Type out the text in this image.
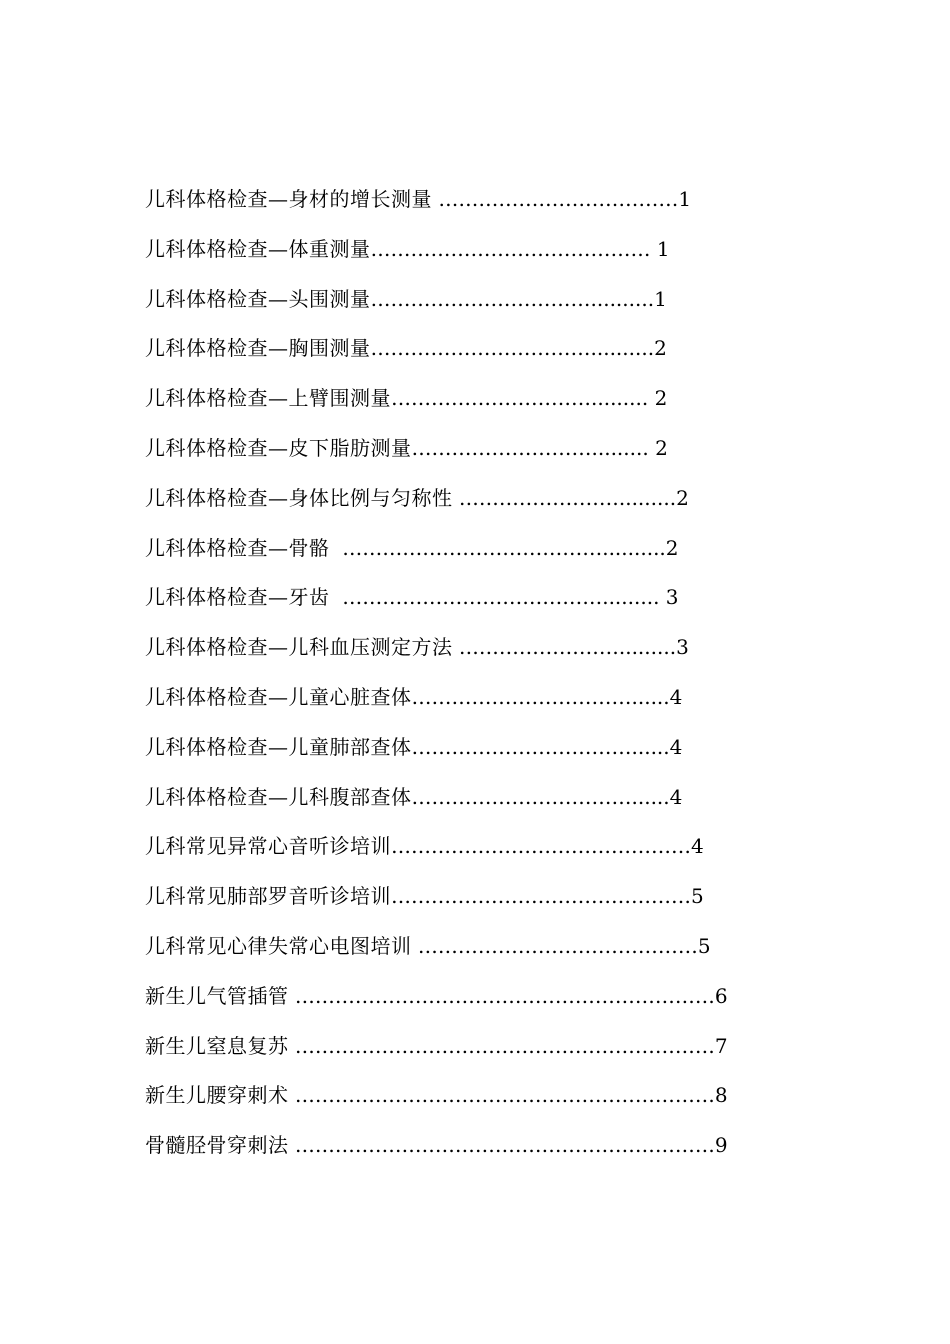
儿科体格检查—身材的增长测量 ………………………………1
儿科体格检查—体重测量…………………………………… 1
儿科体格检查—头围测量……………………………..........1
儿科体格检查—胸围测量……………………………..........2
儿科体格检查—上臂围测量…………………………......... 2
儿科体格检查—皮下脂肪测量………………………......... 2
儿科体格检查—身体比例与匀称性 …………………….........2
儿科体格检查—骨骼  …………………………………..........2
儿科体格检查—牙齿  …………………………………......... 3
儿科体格检查—儿科血压测定方法 …………………….........3
儿科体格检查—儿童心脏查体……………………………......4
儿科体格检查—儿童肺部查体……………………………......4
儿科体格检查—儿科腹部查体……………………………......4
儿科常见异常心音听诊培训………………………………………4
儿科常见肺部罗音听诊培训………………………………………5
儿科常见心律失常心电图培训 ……………………………………5
新生儿气管插管 ………………………………………………………6
新生儿窒息复苏 ………………………………………………………7
新生儿腰穿刺术 ………………………………………………………8
骨髓胫骨穿刺法 ………………………………………………………9
